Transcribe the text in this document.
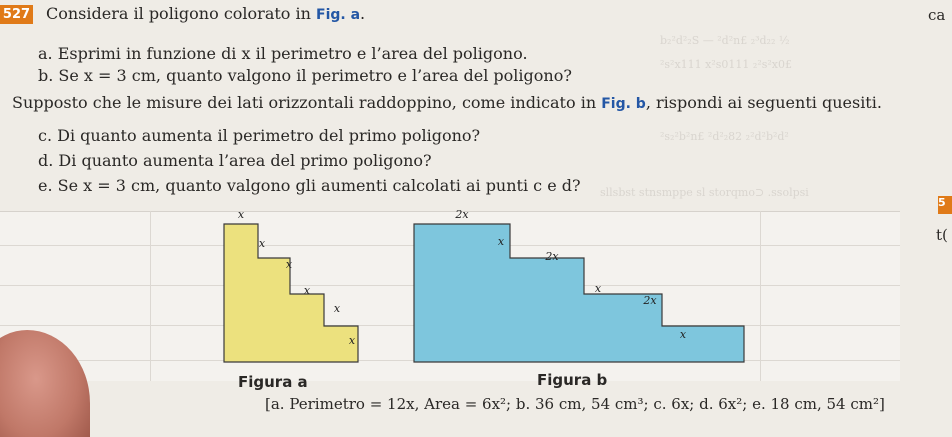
b₂²d²₂S — ²d²n£ ₂³d₂₂ ½
²s²x111 x²s0111 ₂²s²x0£
²s₂²b²n£ ²d²₂82 ₂²d²b²d²
sllsbst stnsmppe sl storqmo⊃ .ssolpsi
527 Considera il poligono colorato in Fig. a.
a. Esprimi in funzione di x il perimetro e l’area del poligono.
b. Se x = 3 cm, quanto valgono il perimetro e l’area del poligono?
Supposto che le misure dei lati orizzontali raddoppino, come indicato in Fig. b, rispondi ai seguenti quesiti.
c. Di quanto aumenta il perimetro del primo poligono?
d. Di quanto aumenta l’area del primo poligono?
e. Se x = 3 cm, quanto valgono gli aumenti calcolati ai punti c e d?
x
x
x
x
x
x
2x
x
2x
x
2x
x
Figura a	Figura b
[a. Perimetro = 12x, Area = 6x²; b. 36 cm, 54 cm³; c. 6x; d. 6x²; e. 18 cm, 54 cm²]
ca
5
t(
